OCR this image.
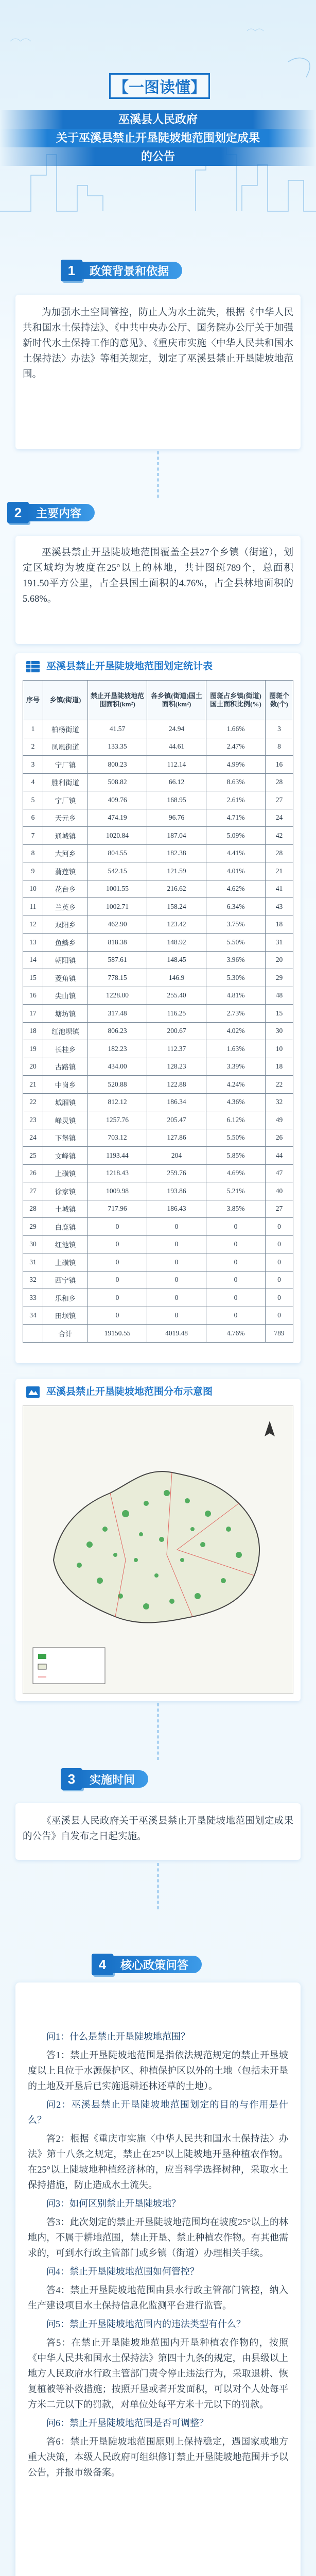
【一图读懂】
巫溪县人民政府
关于巫溪县禁止开垦陡坡地范围划定成果
的公告
1	政策背景和依据

为加强水土空间管控，防止人为水土流失，根据《中华人民共和国水土保持法》、《中共中央办公厅、国务院办公厅关于加强新时代水土保持工作的意见》、《重庆市实施〈中华人民共和国水土保持法〉办法》等相关规定，划定了巫溪县禁止开垦陡坡地范围。

2	主要内容

巫溪县禁止开垦陡坡地范围覆盖全县27个乡镇（街道），划定区域均为坡度在25°以上的林地，共计图斑789个，总面积191.50平方公里，占全县国土面积的4.76%，占全县林地面积的5.68%。

巫溪县禁止开垦陡坡地范围划定统计表
序号	乡镇(街道)	禁止开垦陡坡地范围面积(km²)	各乡镇(街道)国土面积(km²)	图斑占乡镇(街道)国土面积比例(%)	图斑个数(个)
1	柏杨街道	41.57	24.94	1.66%	3
2	凤凰街道	133.35	44.61	2.47%	8
3	宁厂镇	800.23	112.14	4.99%	16
4	胜利街道	508.82	66.12	8.63%	28
5	宁厂镇	409.76	168.95	2.61%	27
6	天元乡	474.19	96.76	4.71%	24
7	通城镇	1020.84	187.04	5.09%	42
8	大河乡	804.55	182.38	4.41%	28
9	蒲莲镇	542.15	121.59	4.01%	21
10	花台乡	1001.55	216.62	4.62%	41
11	兰英乡	1002.71	158.24	6.34%	43
12	双阳乡	462.90	123.42	3.75%	18
13	鱼鳞乡	818.38	148.92	5.50%	31
14	朝阳镇	587.61	148.45	3.96%	20
15	菱角镇	778.15	146.9	5.30%	29
16	尖山镇	1228.00	255.40	4.81%	48
17	塘坊镇	317.48	116.25	2.73%	15
18	红池坝镇	806.23	200.67	4.02%	30
19	长桂乡	182.23	112.37	1.63%	10
20	古路镇	434.00	128.23	3.39%	18
21	中岗乡	520.88	122.88	4.24%	22
22	城厢镇	812.12	186.34	4.36%	32
23	峰灵镇	1257.76	205.47	6.12%	49
24	下堡镇	703.12	127.86	5.50%	26
25	文峰镇	1193.44	204	5.85%	44
26	上磺镇	1218.43	259.76	4.69%	47
27	徐家镇	1009.98	193.86	5.21%	40
28	土城镇	717.96	186.43	3.85%	27
29	白鹿镇	0	0	0	0
30	红池镇	0	0	0	0
31	上磺镇	0	0	0	0
32	西宁镇	0	0	0	0
33	乐和乡	0	0	0	0
34	田坝镇	0	0	0	0
	合计	19150.55	4019.48	4.76%	789
巫溪县禁止开垦陡坡地范围分布示意图
3	实施时间

《巫溪县人民政府关于巫溪县禁止开垦陡坡地范围划定成果的公告》自发布之日起实施。

4	核心政策问答

问1：什么是禁止开垦陡坡地范围？

答1：禁止开垦陡坡地范围是指依法规范规定的禁止开垦坡度以上且位于水源保护区、种植保护区以外的土地（包括未开垦的土地及开垦后已实施退耕还林还草的土地）。

问2：巫溪县禁止开垦陡坡地范围划定的目的与作用是什么？

答2：根据《重庆市实施〈中华人民共和国水土保持法〉办法》第十八条之规定，禁止在25°以上陡坡地开垦种植农作物。在25°以上陡坡地种植经济林的，应当科学选择树种，采取水土保持措施，防止造成水土流失。

问3：如何区别禁止开垦陡坡地？

答3：此次划定的禁止开垦陡坡地范围均在坡度25°以上的林地内，不属于耕地范围，禁止开垦、禁止种植农作物。有其他需求的，可到水行政主管部门或乡镇（街道）办理相关手续。

问4：禁止开垦陡坡地范围如何管控？

答4：禁止开垦陡坡地范围由县水行政主管部门管控，纳入生产建设项目水土保持信息化监测平台进行监管。

问5：禁止开垦陡坡地范围内的违法类型有什么？

答5：在禁止开垦陡坡地范围内开垦种植农作物的，按照《中华人民共和国水土保持法》第四十九条的规定，由县级以上地方人民政府水行政主管部门责令停止违法行为，采取退耕、恢复植被等补救措施；按照开垦或者开发面积，可以对个人处每平方米二元以下的罚款，对单位处每平方米十元以下的罚款。

问6：禁止开垦陡坡地范围是否可调整？

答6：禁止开垦陡坡地范围原则上保持稳定，遇国家或地方重大决策，本级人民政府可组织修订禁止开垦陡坡地范围并予以公告，并报市级备案。
